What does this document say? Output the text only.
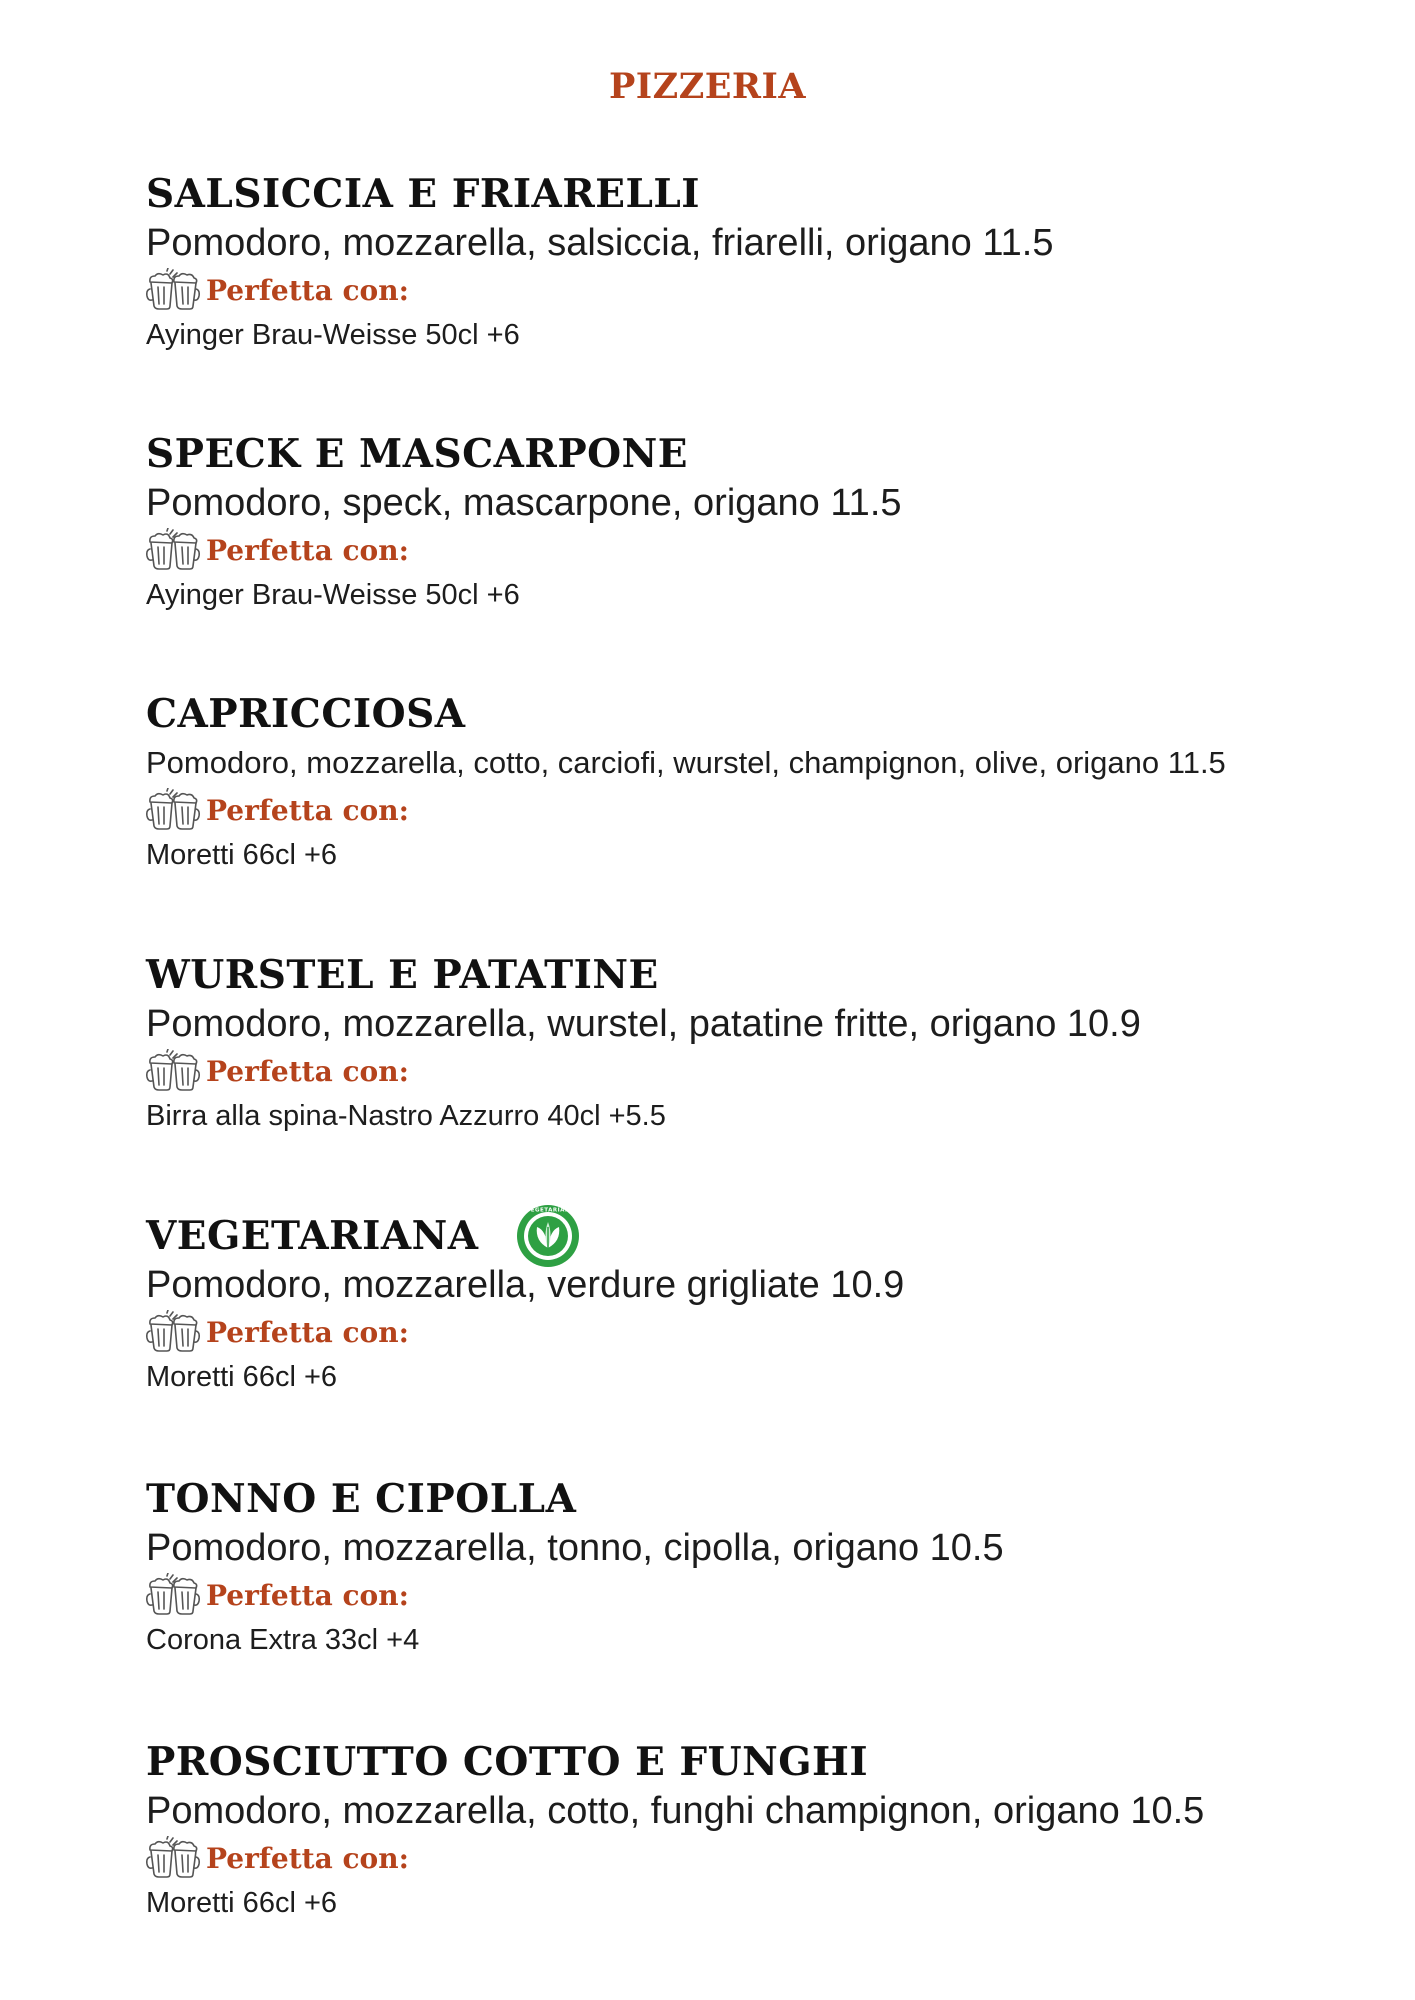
PIZZERIA
SALSICCIA E FRIARELLI

Pomodoro, mozzarella, salsiccia, friarelli, origano 11.5

Perfetta con:

Ayinger Brau-Weisse 50cl +6

SPECK E MASCARPONE

Pomodoro, speck, mascarpone, origano 11.5

Perfetta con:

Ayinger Brau-Weisse 50cl +6

CAPRICCIOSA

Pomodoro, mozzarella, cotto, carciofi, wurstel, champignon, olive, origano 11.5

Perfetta con:

Moretti 66cl +6

WURSTEL E PATATINE

Pomodoro, mozzarella, wurstel, patatine fritte, origano 10.9

Perfetta con:

Birra alla spina-Nastro Azzurro 40cl +5.5

VEGETARIANA
VEGETARIAN

Pomodoro, mozzarella, verdure grigliate 10.9

Perfetta con:

Moretti 66cl +6

TONNO E CIPOLLA

Pomodoro, mozzarella, tonno, cipolla, origano 10.5

Perfetta con:

Corona Extra 33cl +4

PROSCIUTTO COTTO E FUNGHI

Pomodoro, mozzarella, cotto, funghi champignon, origano 10.5

Perfetta con:

Moretti 66cl +6
